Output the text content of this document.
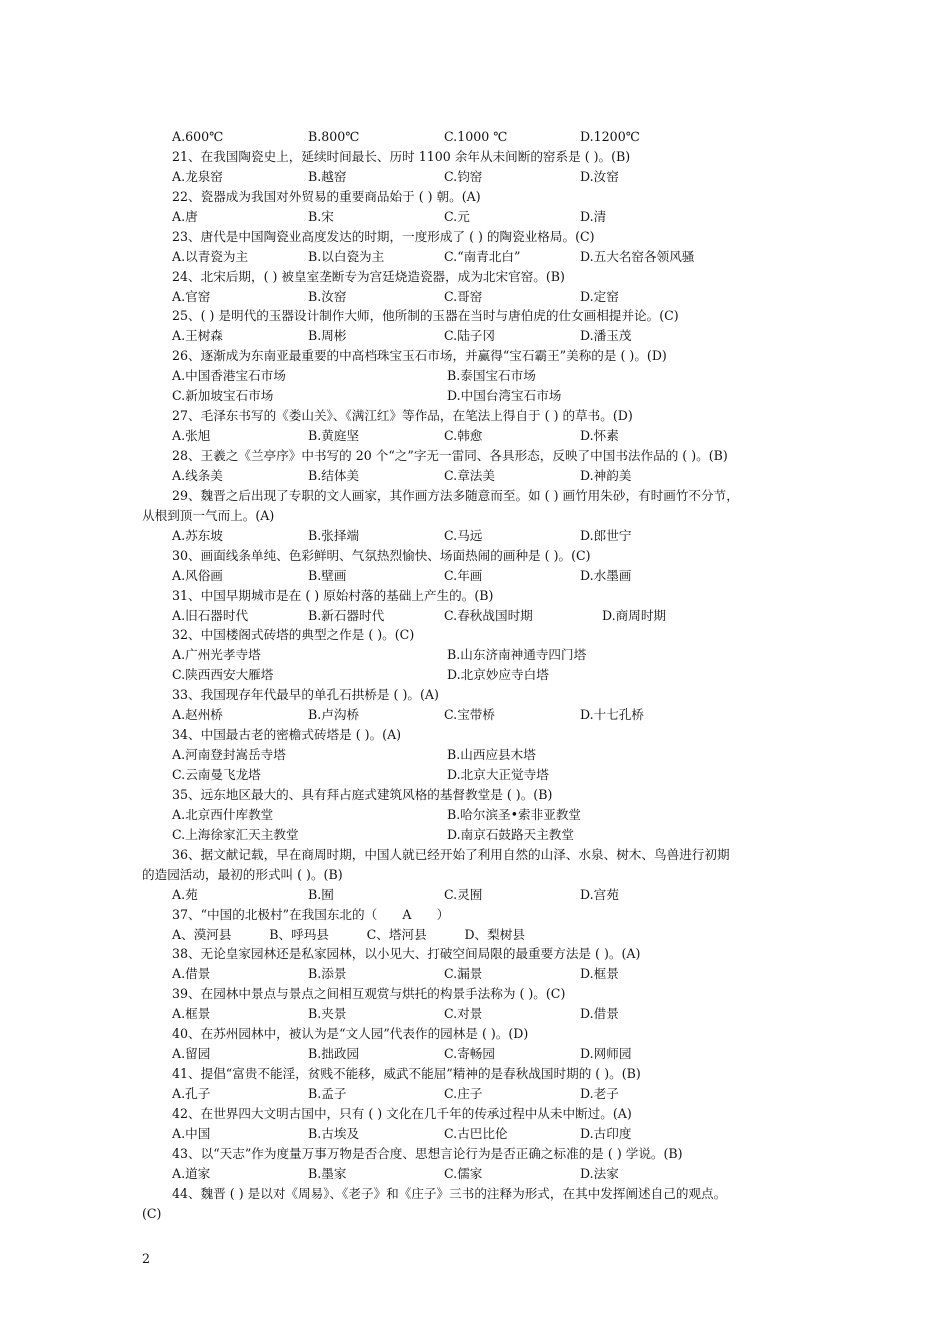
A.600℃	B.800℃	C.1000 ℃	D.1200℃
21、在我国陶瓷史上，延续时间最长、历时 1100 余年从未间断的窑系是 ( )。(B)
A.龙泉窑	B.越窑	C.钧窑	D.汝窑
22、瓷器成为我国对外贸易的重要商品始于 ( ) 朝。(A)
A.唐	B.宋	C.元	D.清
23、唐代是中国陶瓷业高度发达的时期，一度形成了 ( ) 的陶瓷业格局。(C)
A.以青瓷为主	B.以白瓷为主	C.“南青北白”	D.五大名窑各领风骚
24、北宋后期，( ) 被皇室垄断专为宫廷烧造瓷器，成为北宋官窑。(B)
A.官窑	B.汝窑	C.哥窑	D.定窑
25、( ) 是明代的玉器设计制作大师，他所制的玉器在当时与唐伯虎的仕女画相提并论。(C)
A.王树森	B.周彬	C.陆子冈	D.潘玉茂
26、逐渐成为东南亚最重要的中高档珠宝玉石市场，并赢得“宝石霸王”美称的是 ( )。(D)
A.中国香港宝石市场	B.泰国宝石市场
C.新加坡宝石市场	D.中国台湾宝石市场
27、毛泽东书写的《娄山关》、《满江红》等作品，在笔法上得自于 ( ) 的草书。(D)
A.张旭	B.黄庭坚	C.韩愈	D.怀素
28、王羲之《兰亭序》中书写的 20 个“之”字无一雷同、各具形态，反映了中国书法作品的 ( )。(B)
A.线条美	B.结体美	C.章法美	D.神韵美
29、魏晋之后出现了专职的文人画家，其作画方法多随意而至。如 ( ) 画竹用朱砂，有时画竹不分节，
从根到顶一气而上。(A)
A.苏东坡	B.张择端	C.马远	D.郎世宁
30、画面线条单纯、色彩鲜明、气氛热烈愉快、场面热闹的画种是 ( )。(C)
A.风俗画	B.壁画	C.年画	D.水墨画
31、中国早期城市是在 ( ) 原始村落的基础上产生的。(B)
A.旧石器时代	B.新石器时代	C.春秋战国时期	D.商周时期
32、中国楼阁式砖塔的典型之作是 ( )。(C)
A.广州光孝寺塔	B.山东济南神通寺四门塔
C.陕西西安大雁塔	D.北京妙应寺白塔
33、我国现存年代最早的单孔石拱桥是 ( )。(A)
A.赵州桥	B.卢沟桥	C.宝带桥	D.十七孔桥
34、中国最古老的密檐式砖塔是 ( )。(A)
A.河南登封嵩岳寺塔	B.山西应县木塔
C.云南曼飞龙塔	D.北京大正觉寺塔
35、远东地区最大的、具有拜占庭式建筑风格的基督教堂是 ( )。(B)
A.北京西什库教堂	B.哈尔滨圣•索非亚教堂
C.上海徐家汇天主教堂	D.南京石鼓路天主教堂
36、据文献记载，早在商周时期，中国人就已经开始了利用自然的山泽、水泉、树木、鸟兽进行初期
的造园活动，最初的形式叫 ( )。(B)
A.苑	B.囿	C.灵囿	D.宫苑
37、“中国的北极村”在我国东北的（　　A　　）
A、漠河县　　　B、呼玛县　　　C、塔河县　　　D、梨树县
38、无论皇家园林还是私家园林，以小见大、打破空间局限的最重要方法是 ( )。(A)
A.借景	B.添景	C.漏景	D.框景
39、在园林中景点与景点之间相互观赏与烘托的构景手法称为 ( )。(C)
A.框景	B.夹景	C.对景	D.借景
40、在苏州园林中，被认为是“文人园”代表作的园林是 ( )。(D)
A.留园	B.拙政园	C.寄畅园	D.网师园
41、提倡“富贵不能淫，贫贱不能移，威武不能屈”精神的是春秋战国时期的 ( )。(B)
A.孔子	B.孟子	C.庄子	D.老子
42、在世界四大文明古国中，只有 ( ) 文化在几千年的传承过程中从未中断过。(A)
A.中国	B.古埃及	C.古巴比伦	D.古印度
43、以“天志”作为度量万事万物是否合度、思想言论行为是否正确之标准的是 ( ) 学说。(B)
A.道家	B.墨家	C.儒家	D.法家
44、魏晋 ( ) 是以对《周易》、《老子》和《庄子》三书的注释为形式，在其中发挥阐述自己的观点。
(C)
2
